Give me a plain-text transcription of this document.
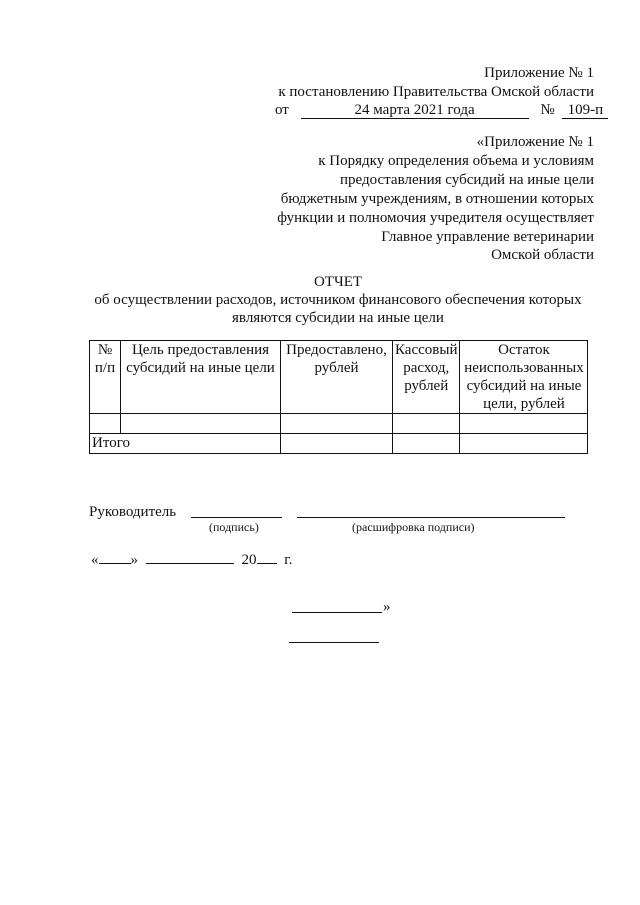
Приложение № 1
к постановлению Правительства Омской области
от	24 марта 2021 года	№ 109-п
«Приложение № 1
к Порядку определения объема и условиям
предоставления субсидий на иные цели
бюджетным учреждениям, в отношении которых
функции и полномочия учредителя осуществляет
Главное управление ветеринарии
Омской области
ОТЧЕТ
об осуществлении расходов, источником финансового обеспечения которых
являются субсидии на иные цели
№ п/п	Цель предоставления субсидий на иные цели	Предоставлено, рублей	Кассовый расход, рублей	Остаток неиспользованных субсидий на иные цели, рублей

Итого				
Руководитель
(подпись)	(расшифровка подписи)
« »	20 г.
»
